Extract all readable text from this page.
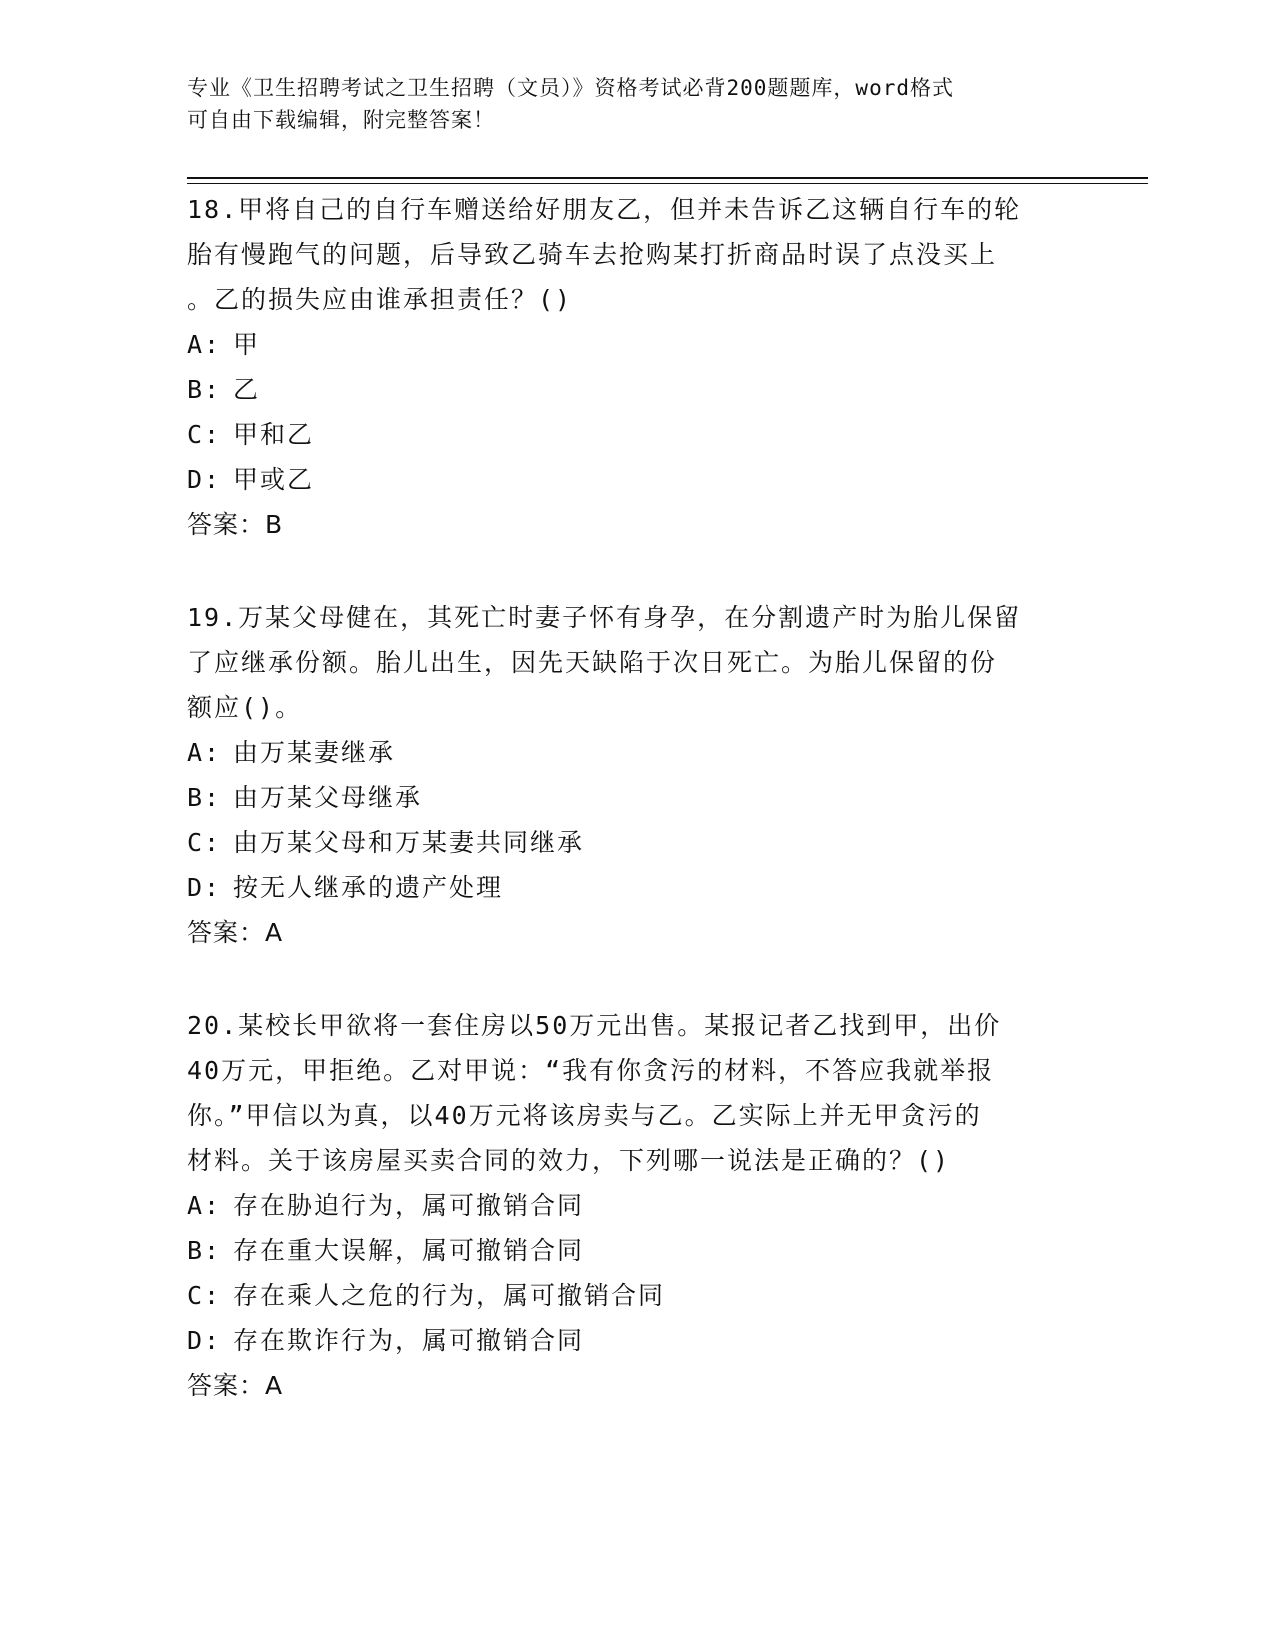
专业《卫生招聘考试之卫生招聘（文员）》资格考试必背200题题库，word格式
可自由下载编辑，附完整答案！

18.甲将自己的自行车赠送给好朋友乙，但并未告诉乙这辆自行车的轮

胎有慢跑气的问题，后导致乙骑车去抢购某打折商品时误了点没买上

。乙的损失应由谁承担责任？()

A: 甲

B: 乙

C: 甲和乙

D: 甲或乙

答案：B

19.万某父母健在，其死亡时妻子怀有身孕，在分割遗产时为胎儿保留

了应继承份额。胎儿出生，因先天缺陷于次日死亡。为胎儿保留的份

额应()。

A: 由万某妻继承

B: 由万某父母继承

C: 由万某父母和万某妻共同继承

D: 按无人继承的遗产处理

答案：A

20.某校长甲欲将一套住房以50万元出售。某报记者乙找到甲，出价

40万元，甲拒绝。乙对甲说：“我有你贪污的材料，不答应我就举报

你。”甲信以为真，以40万元将该房卖与乙。乙实际上并无甲贪污的

材料。关于该房屋买卖合同的效力，下列哪一说法是正确的？()

A: 存在胁迫行为，属可撤销合同

B: 存在重大误解，属可撤销合同

C: 存在乘人之危的行为，属可撤销合同

D: 存在欺诈行为，属可撤销合同

答案：A
